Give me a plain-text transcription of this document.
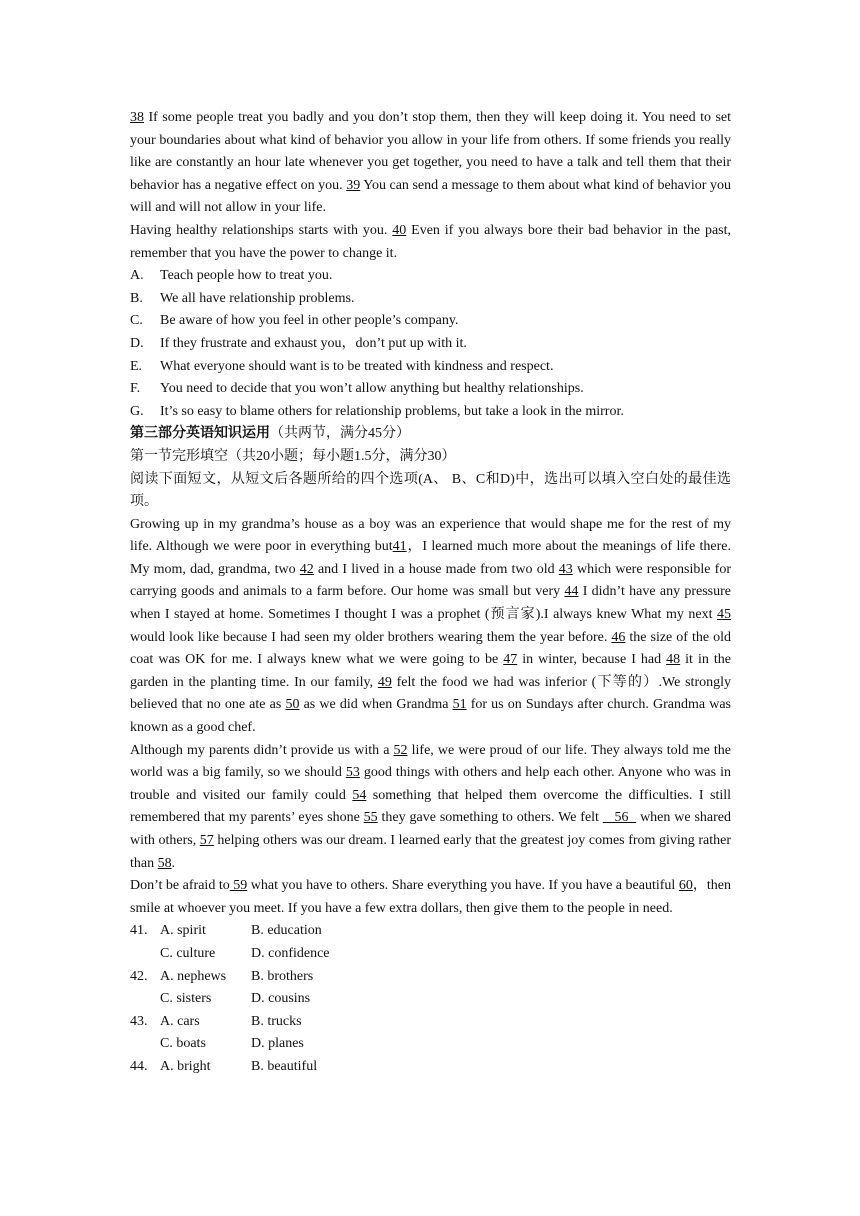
38 If some people treat you badly and you don’t stop them, then they will keep doing it. You need to set your boundaries about what kind of behavior you allow in your life from others. If some friends you really like are constantly an hour late whenever you get together, you need to have a talk and tell them that their behavior has a negative effect on you. 39 You can send a message to them about what kind of behavior you will and will not allow in your life.

Having healthy relationships starts with you. 40 Even if you always bore their bad behavior in the past, remember that you have the power to change it.

A.	Teach people how to treat you.
B.	We all have relationship problems.
C.	Be aware of how you feel in other people’s company.
D.	If they frustrate and exhaust you，don’t put up with it.
E.	What everyone should want is to be treated with kindness and respect.
F.	You need to decide that you won’t allow anything but healthy relationships.
G.	It’s so easy to blame others for relationship problems, but take a look in the mirror.

第三部分英语知识运用（共两节，满分45分）

第一节完形填空（共20小题；每小题1.5分，满分30）

阅读下面短文，从短文后各题所给的四个选项(A、 B、C和D)中，选出可以填入空白处的最佳选项。

Growing up in my grandma’s house as a boy was an experience that would shape me for the rest of my life. Although we were poor in everything but41，I learned much more about the meanings of life there. My mom, dad, grandma, two 42 and I lived in a house made from two old 43 which were responsible for carrying goods and animals to a farm before. Our home was small but very 44 I didn’t have any pressure when I stayed at home. Sometimes I thought I was a prophet (预言家).I always knew What my next 45 would look like because I had seen my older brothers wearing them the year before. 46 the size of the old coat was OK for me. I always knew what we were going to be 47 in winter, because I had 48 it in the garden in the planting time. In our family, 49 felt the food we had was inferior (下等的）.We strongly believed that no one ate as 50 as we did when Grandma 51 for us on Sundays after church. Grandma was known as a good chef.

Although my parents didn’t provide us with a 52 life, we were proud of our life. They always told me the world was a big family, so we should 53 good things with others and help each other. Anyone who was in trouble and visited our family could 54 something that helped them overcome the difficulties. I still remembered that my parents’ eyes shone 55 they gave something to others. We felt    56   when we shared with others, 57 helping others was our dream. I learned early that the greatest joy comes from giving rather than 58.

Don’t be afraid to 59 what you have to others. Share everything you have. If you have a beautiful 60，then smile at whoever you meet. If you have a few extra dollars, then give them to the people in need.

41. A. spirit	B. education
C. culture	D. confidence
42. A. nephews	B. brothers
C. sisters	D. cousins
43. A. cars	B. trucks
C. boats	D. planes
44. A. bright	B. beautiful
